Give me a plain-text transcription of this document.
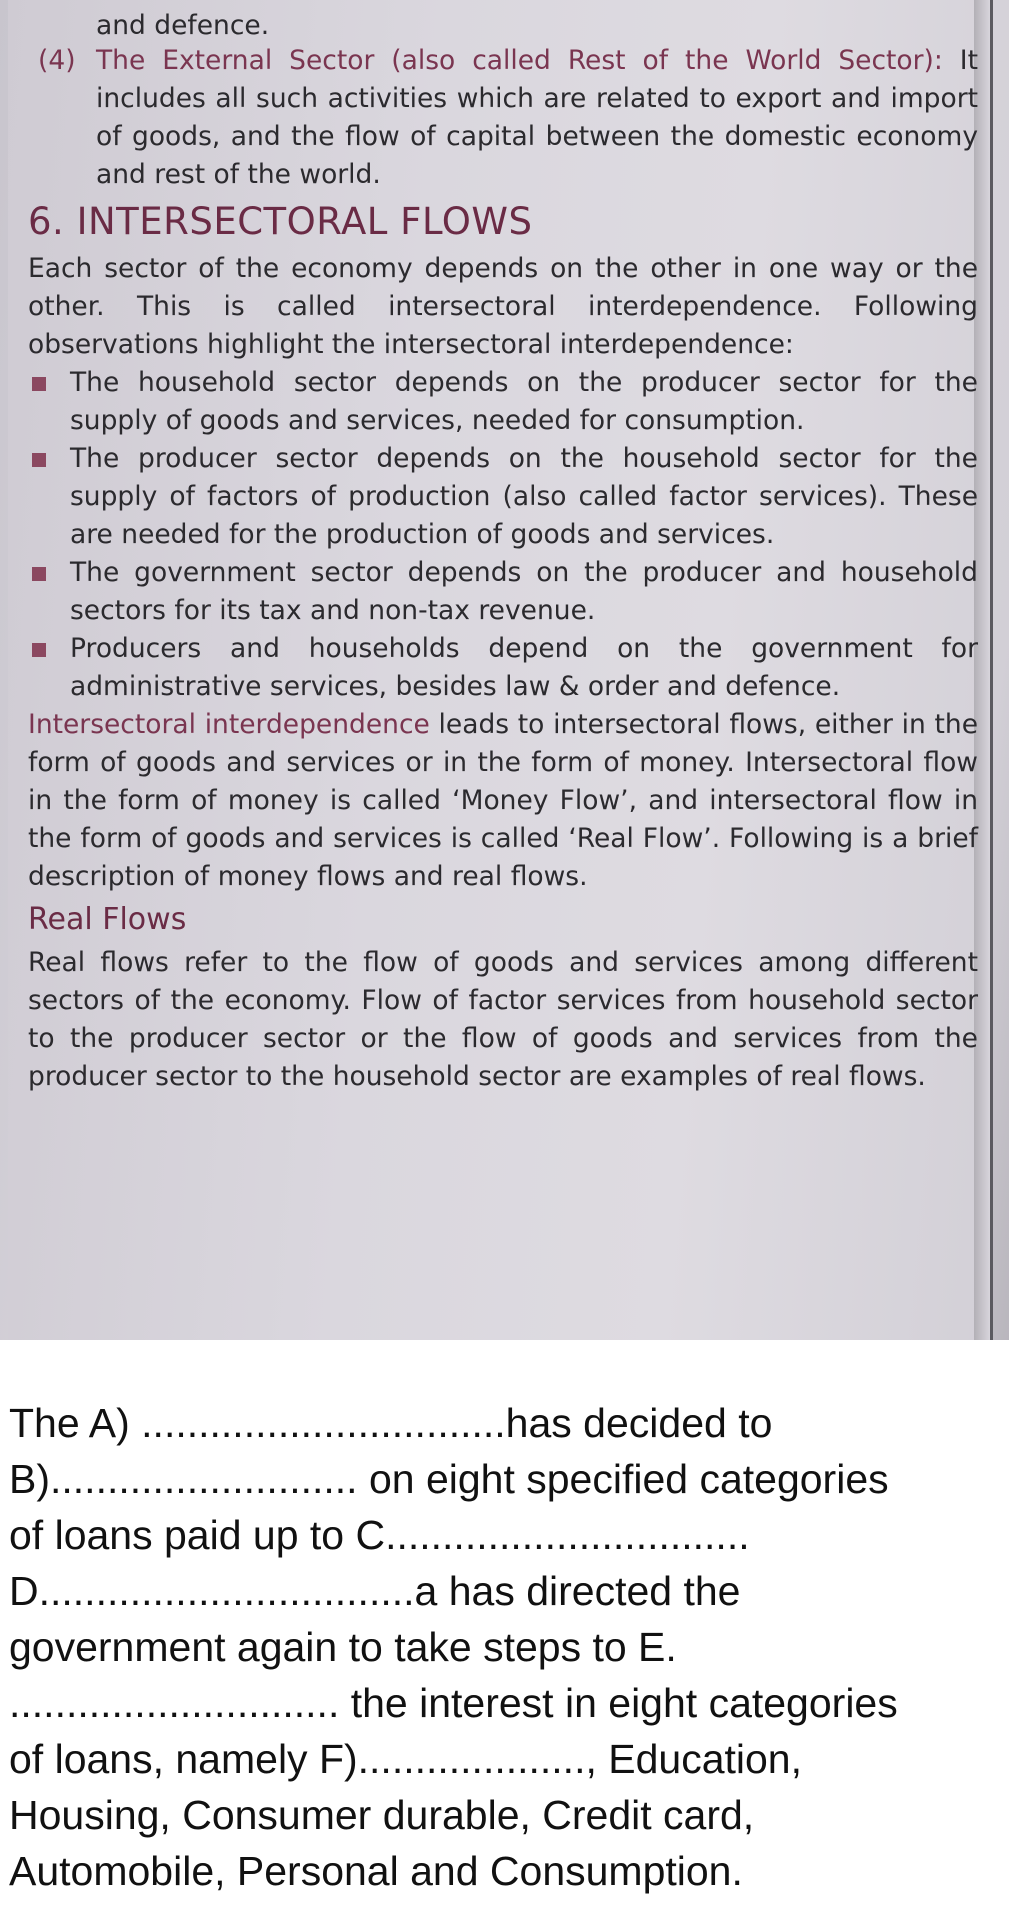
and defence.

(4) The External Sector (also called Rest of the World Sector): It includes all such activities which are related to export and import of goods, and the flow of capital between the domestic economy and rest of the world.

6. INTERSECTORAL FLOWS

Each sector of the economy depends on the other in one way or the other. This is called intersectoral interdependence. Following observations highlight the intersectoral interdependence:

The household sector depends on the producer sector for the supply of goods and services, needed for consumption.
The producer sector depends on the household sector for the supply of factors of production (also called factor services). These are needed for the production of goods and services.
The government sector depends on the producer and household sectors for its tax and non-tax revenue.
Producers and households depend on the government for administrative services, besides law & order and defence.

Intersectoral interdependence leads to intersectoral flows, either in the form of goods and services or in the form of money. Intersectoral flow in the form of money is called ‘Money Flow’, and intersectoral flow in the form of goods and services is called ‘Real Flow’. Following is a brief description of money flows and real flows.

Real Flows

Real flows refer to the flow of goods and services among different sectors of the economy. Flow of factor services from household sector to the producer sector or the flow of goods and services from the producer sector to the household sector are examples of real flows.

The A) ................................has decided to
B)........................... on eight specified categories
of loans paid up to C................................
D.................................a has directed the
government again to take steps to E.
............................. the interest in eight categories
of loans, namely F)...................., Education,
Housing, Consumer durable, Credit card,
Automobile, Personal and Consumption.
